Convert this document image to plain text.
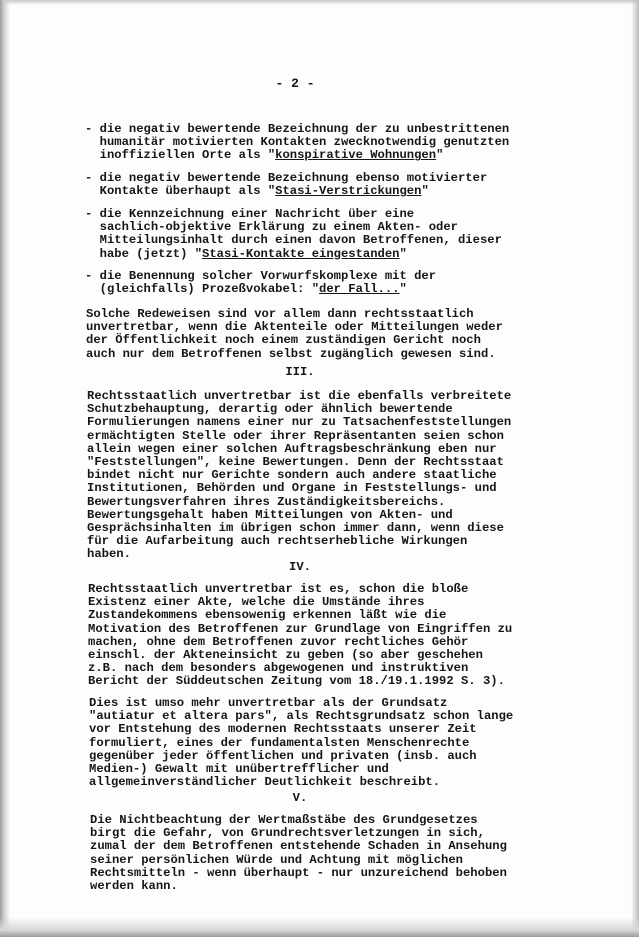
- 2 -
- die negativ bewertende Bezeichnung der zu unbestrittenen
humanitär motivierten Kontakten zwecknotwendig genutzten
inoffiziellen Orte als "konspirative Wohnungen"
- die negativ bewertende Bezeichnung ebenso motivierter
Kontakte überhaupt als "Stasi-Verstrickungen"
- die Kennzeichnung einer Nachricht über eine
sachlich-objektive Erklärung zu einem Akten- oder
Mitteilungsinhalt durch einen davon Betroffenen, dieser
habe (jetzt) "Stasi-Kontakte eingestanden"
- die Benennung solcher Vorwurfskomplexe mit der
(gleichfalls) Prozeßvokabel: "der Fall..."
Solche Redeweisen sind vor allem dann rechtsstaatlich
unvertretbar, wenn die Aktenteile oder Mitteilungen weder
der Öffentlichkeit noch einem zuständigen Gericht noch
auch nur dem Betroffenen selbst zugänglich gewesen sind.
Rechtsstaatlich unvertretbar ist die ebenfalls verbreitete
Schutzbehauptung, derartig oder ähnlich bewertende
Formulierungen namens einer nur zu Tatsachenfeststellungen
ermächtigten Stelle oder ihrer Repräsentanten seien schon
allein wegen einer solchen Auftragsbeschränkung eben nur
"Feststellungen", keine Bewertungen. Denn der Rechtsstaat
bindet nicht nur Gerichte sondern auch andere staatliche
Institutionen, Behörden und Organe in Feststellungs- und
Bewertungsverfahren ihres Zuständigkeitsbereichs.
Bewertungsgehalt haben Mitteilungen von Akten- und
Gesprächsinhalten im übrigen schon immer dann, wenn diese
für die Aufarbeitung auch rechtserhebliche Wirkungen
haben.
Rechtsstaatlich unvertretbar ist es, schon die bloße
Existenz einer Akte, welche die Umstände ihres
Zustandekommens ebensowenig erkennen läßt wie die
Motivation des Betroffenen zur Grundlage von Eingriffen zu
machen, ohne dem Betroffenen zuvor rechtliches Gehör
einschl. der Akteneinsicht zu geben (so aber geschehen
z.B. nach dem besonders abgewogenen und instruktiven
Bericht der Süddeutschen Zeitung vom 18./19.1.1992 S. 3).
Dies ist umso mehr unvertretbar als der Grundsatz
"autiatur et altera pars", als Rechtsgrundsatz schon lange
vor Entstehung des modernen Rechtsstaats unserer Zeit
formuliert, eines der fundamentalsten Menschenrechte
gegenüber jeder öffentlichen und privaten (insb. auch
Medien-) Gewalt mit unübertrefflicher und
allgemeinverständlicher Deutlichkeit beschreibt.
Die Nichtbeachtung der Wertmaßstäbe des Grundgesetzes
birgt die Gefahr, von Grundrechtsverletzungen in sich,
zumal der dem Betroffenen entstehende Schaden in Ansehung
seiner persönlichen Würde und Achtung mit möglichen
Rechtsmitteln - wenn überhaupt - nur unzureichend behoben
werden kann.
III.
IV.
V.
